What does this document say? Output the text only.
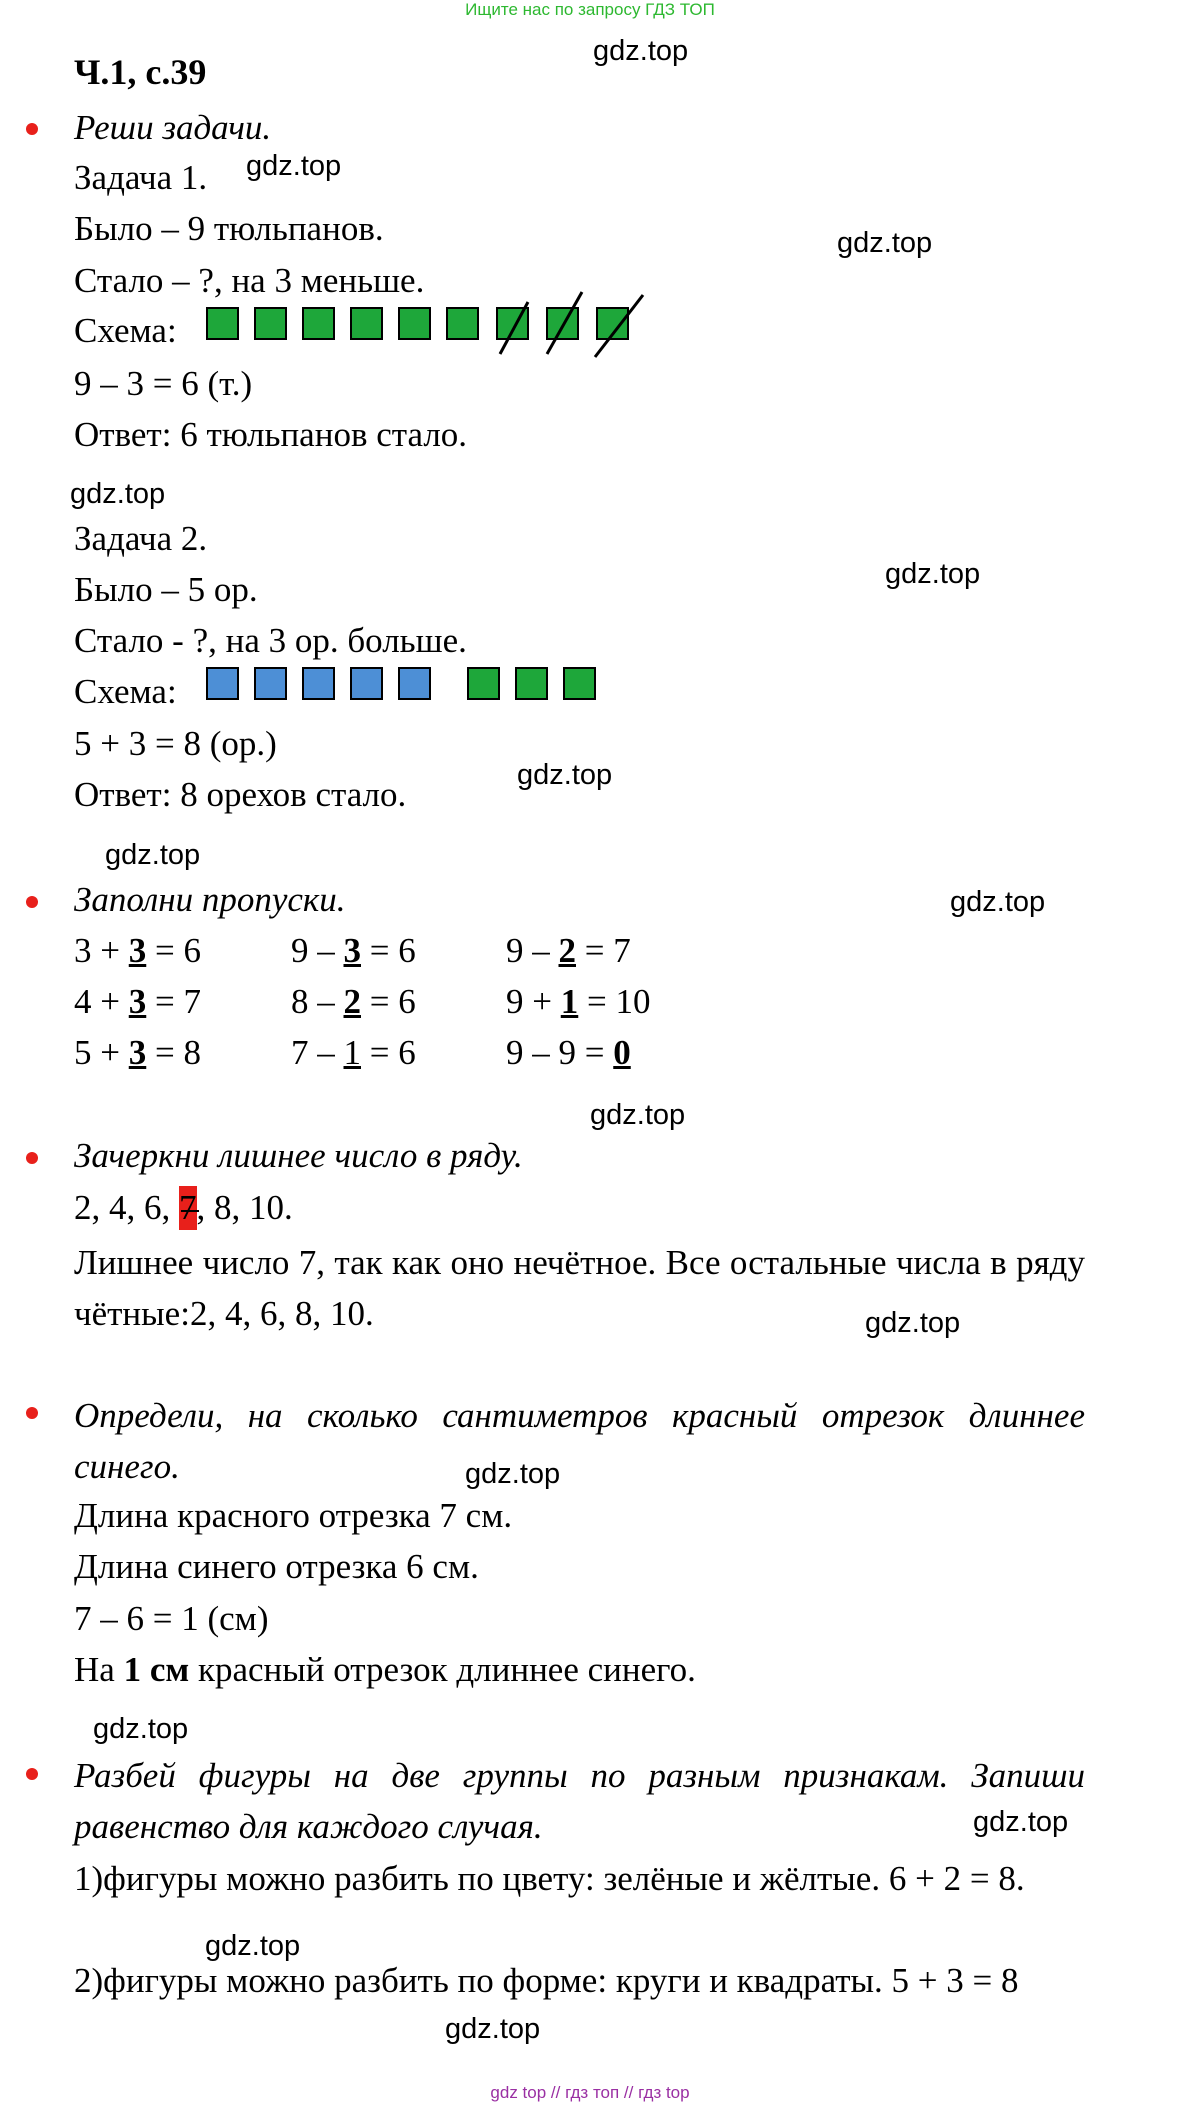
Ищите нас по запросу ГДЗ ТОП
gdz.top
gdz.top
gdz.top
gdz.top
gdz.top
gdz.top
gdz.top
gdz.top
gdz.top
gdz.top
gdz.top
gdz.top
gdz.top
gdz.top
gdz.top
Ч.1, с.39
Реши задачи.
Задача 1.
Было – 9 тюльпанов.
Стало – ?, на 3 меньше.
Схема:
9 – 3 = 6 (т.)
Ответ: 6 тюльпанов стало.
Задача 2.
Было – 5 ор.
Стало - ?, на 3 ор. больше.
Схема:
5 + 3 = 8 (ор.)
Ответ: 8 орехов стало.
Заполни пропуски.
3 + 3 = 6	9 – 3 = 6	9 – 2 = 7
4 + 3 = 7	8 – 2 = 6	9 + 1 = 10
5 + 3 = 8	7 – 1 = 6	9 – 9 = 0
Зачеркни лишнее число в ряду.
2, 4, 6, 7
, 8, 10.
Лишнее число 7, так как оно нечётное. Все остальные числа в ряду чётные:2, 4, 6, 8, 10.
Определи, на сколько сантиметров красный отрезок длиннее синего.
Длина красного отрезка 7 см.
Длина синего отрезка 6 см.
7 – 6 = 1 (см)
На 1 см красный отрезок длиннее синего.
Разбей фигуры на две группы по разным признакам. Запиши равенство для каждого случая.
1)фигуры можно разбить по цвету: зелёные и жёлтые. 6 + 2 = 8.
2)фигуры можно разбить по форме: круги и квадраты. 5 + 3 = 8
gdz top // гдз топ // гдз top
